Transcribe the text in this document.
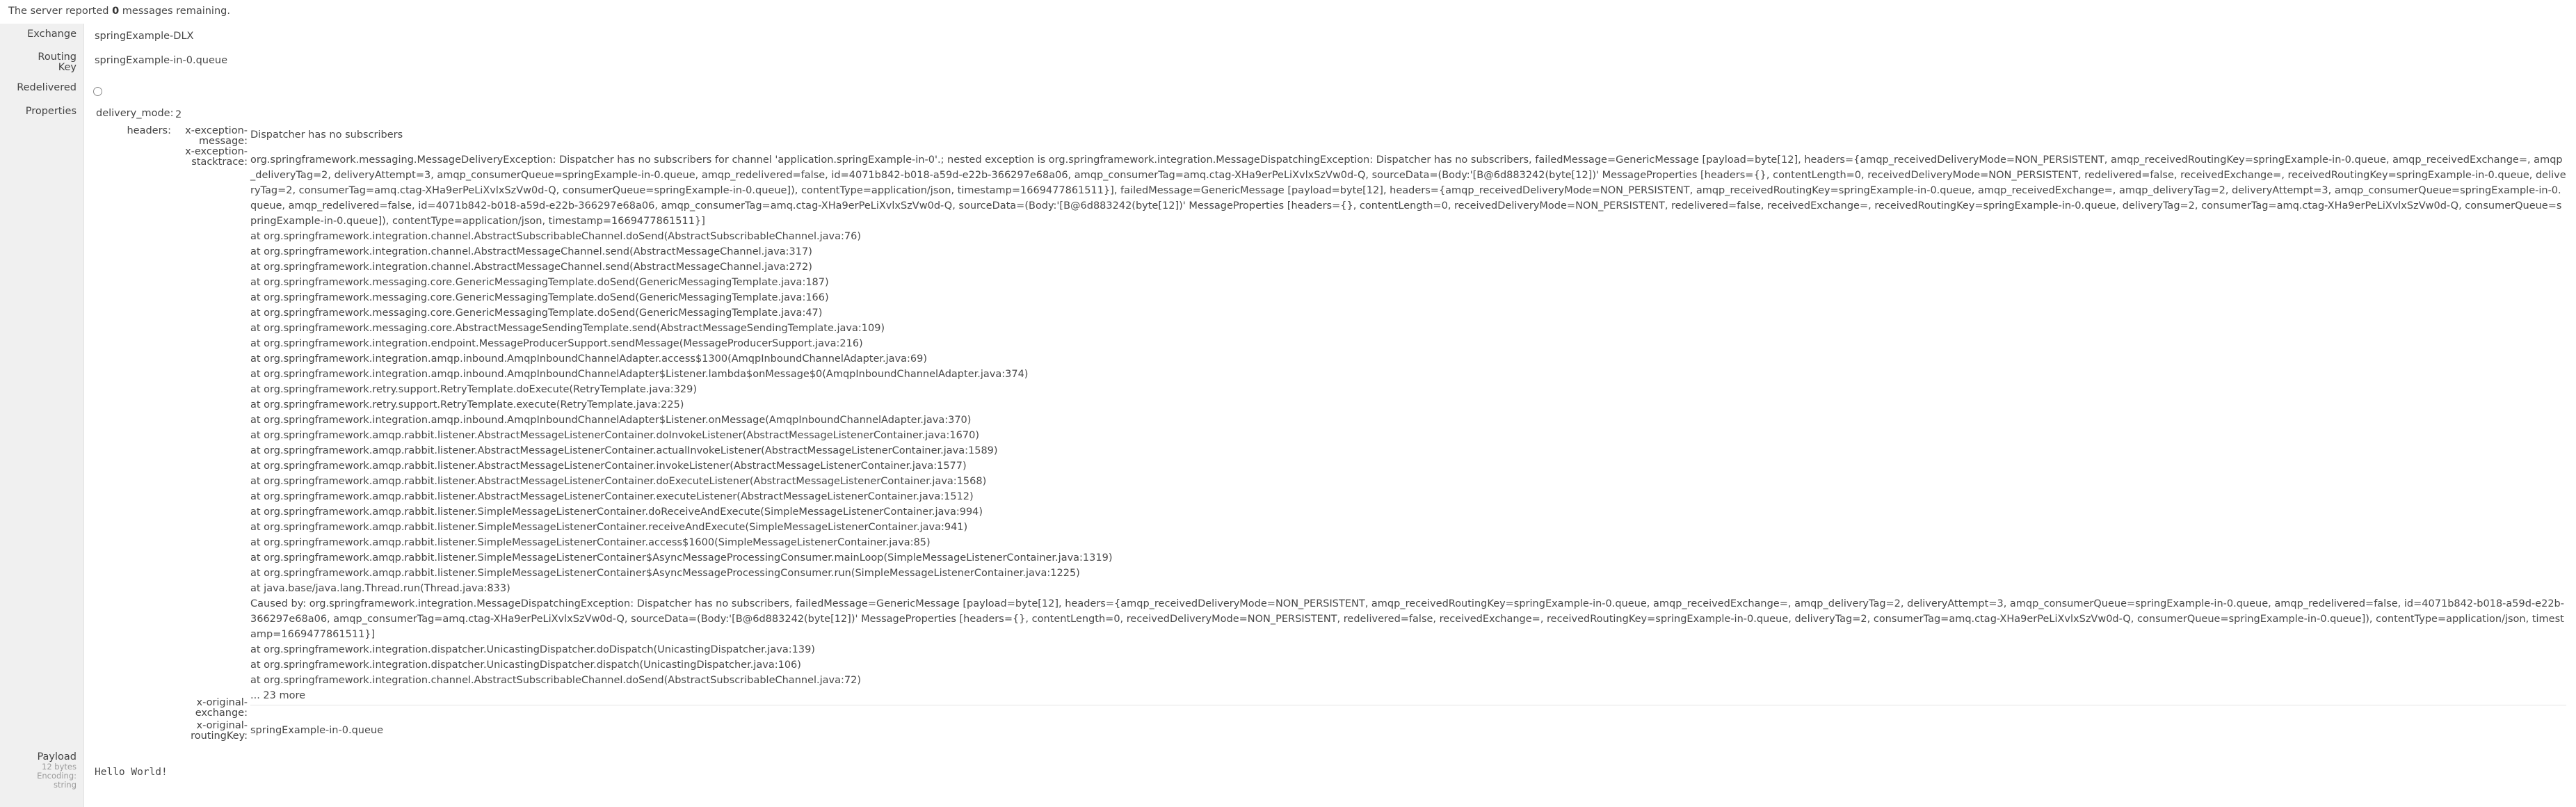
The server reported 0 messages remaining.
Exchange springExample-DLX
Routing
Key
springExample-in-0.queue
Redelivered
Properties delivery_mode: 2
headers: x-exception-
message:
Dispatcher has no subscribers
x-exception-
stacktrace: org.springframework.messaging.MessageDeliveryException: Dispatcher has no subscribers for channel 'application.springExample-in-0'.; nested exception is org.springframework.integration.MessageDispatchingException: Dispatcher has no subscribers, failedMessage=GenericMessage [payload=byte[12], headers={amqp_receivedDeliveryMode=NON_PERSISTENT, amqp_receivedRoutingKey=springExample-in-0.queue, amqp_receivedExchange=, amqp_deliveryTag=2, deliveryAttempt=3, amqp_consumerQueue=springExample-in-0.queue, amqp_redelivered=false, id=4071b842-b018-a59d-e22b-366297e68a06, amqp_consumerTag=amq.ctag-XHa9erPeLiXvlxSzVw0d-Q, sourceData=(Body:'[B@6d883242(byte[12])' MessageProperties [headers={}, contentLength=0, receivedDeliveryMode=NON_PERSISTENT, redelivered=false, receivedExchange=, receivedRoutingKey=springExample-in-0.queue, deliveryTag=2, consumerTag=amq.ctag-XHa9erPeLiXvlxSzVw0d-Q, consumerQueue=springExample-in-0.queue]), contentType=application/json, timestamp=1669477861511}], failedMessage=GenericMessage [payload=byte[12], headers={amqp_receivedDeliveryMode=NON_PERSISTENT, amqp_receivedRoutingKey=springExample-in-0.queue, amqp_receivedExchange=, amqp_deliveryTag=2, deliveryAttempt=3, amqp_consumerQueue=springExample-in-0.queue, amqp_redelivered=false, id=4071b842-b018-a59d-e22b-366297e68a06, amqp_consumerTag=amq.ctag-XHa9erPeLiXvlxSzVw0d-Q, sourceData=(Body:'[B@6d883242(byte[12])' MessageProperties [headers={}, contentLength=0, receivedDeliveryMode=NON_PERSISTENT, redelivered=false, receivedExchange=, receivedRoutingKey=springExample-in-0.queue, deliveryTag=2, consumerTag=amq.ctag-XHa9erPeLiXvlxSzVw0d-Q, consumerQueue=springExample-in-0.queue]), contentType=application/json, timestamp=1669477861511}]
at org.springframework.integration.channel.AbstractSubscribableChannel.doSend(AbstractSubscribableChannel.java:76)
at org.springframework.integration.channel.AbstractMessageChannel.send(AbstractMessageChannel.java:317)
at org.springframework.integration.channel.AbstractMessageChannel.send(AbstractMessageChannel.java:272)
at org.springframework.messaging.core.GenericMessagingTemplate.doSend(GenericMessagingTemplate.java:187)
at org.springframework.messaging.core.GenericMessagingTemplate.doSend(GenericMessagingTemplate.java:166)
at org.springframework.messaging.core.GenericMessagingTemplate.doSend(GenericMessagingTemplate.java:47)
at org.springframework.messaging.core.AbstractMessageSendingTemplate.send(AbstractMessageSendingTemplate.java:109)
at org.springframework.integration.endpoint.MessageProducerSupport.sendMessage(MessageProducerSupport.java:216)
at org.springframework.integration.amqp.inbound.AmqpInboundChannelAdapter.access$1300(AmqpInboundChannelAdapter.java:69)
at org.springframework.integration.amqp.inbound.AmqpInboundChannelAdapter$Listener.lambda$onMessage$0(AmqpInboundChannelAdapter.java:374)
at org.springframework.retry.support.RetryTemplate.doExecute(RetryTemplate.java:329)
at org.springframework.retry.support.RetryTemplate.execute(RetryTemplate.java:225)
at org.springframework.integration.amqp.inbound.AmqpInboundChannelAdapter$Listener.onMessage(AmqpInboundChannelAdapter.java:370)
at org.springframework.amqp.rabbit.listener.AbstractMessageListenerContainer.doInvokeListener(AbstractMessageListenerContainer.java:1670)
at org.springframework.amqp.rabbit.listener.AbstractMessageListenerContainer.actualInvokeListener(AbstractMessageListenerContainer.java:1589)
at org.springframework.amqp.rabbit.listener.AbstractMessageListenerContainer.invokeListener(AbstractMessageListenerContainer.java:1577)
at org.springframework.amqp.rabbit.listener.AbstractMessageListenerContainer.doExecuteListener(AbstractMessageListenerContainer.java:1568)
at org.springframework.amqp.rabbit.listener.AbstractMessageListenerContainer.executeListener(AbstractMessageListenerContainer.java:1512)
at org.springframework.amqp.rabbit.listener.SimpleMessageListenerContainer.doReceiveAndExecute(SimpleMessageListenerContainer.java:994)
at org.springframework.amqp.rabbit.listener.SimpleMessageListenerContainer.receiveAndExecute(SimpleMessageListenerContainer.java:941)
at org.springframework.amqp.rabbit.listener.SimpleMessageListenerContainer.access$1600(SimpleMessageListenerContainer.java:85)
at org.springframework.amqp.rabbit.listener.SimpleMessageListenerContainer$AsyncMessageProcessingConsumer.mainLoop(SimpleMessageListenerContainer.java:1319)
at org.springframework.amqp.rabbit.listener.SimpleMessageListenerContainer$AsyncMessageProcessingConsumer.run(SimpleMessageListenerContainer.java:1225)
at java.base/java.lang.Thread.run(Thread.java:833)
Caused by: org.springframework.integration.MessageDispatchingException: Dispatcher has no subscribers, failedMessage=GenericMessage [payload=byte[12], headers={amqp_receivedDeliveryMode=NON_PERSISTENT, amqp_receivedRoutingKey=springExample-in-0.queue, amqp_receivedExchange=, amqp_deliveryTag=2, deliveryAttempt=3, amqp_consumerQueue=springExample-in-0.queue, amqp_redelivered=false, id=4071b842-b018-a59d-e22b-366297e68a06, amqp_consumerTag=amq.ctag-XHa9erPeLiXvlxSzVw0d-Q, sourceData=(Body:'[B@6d883242(byte[12])' MessageProperties [headers={}, contentLength=0, receivedDeliveryMode=NON_PERSISTENT, redelivered=false, receivedExchange=, receivedRoutingKey=springExample-in-0.queue, deliveryTag=2, consumerTag=amq.ctag-XHa9erPeLiXvlxSzVw0d-Q, consumerQueue=springExample-in-0.queue]), contentType=application/json, timestamp=1669477861511}]
at org.springframework.integration.dispatcher.UnicastingDispatcher.doDispatch(UnicastingDispatcher.java:139)
at org.springframework.integration.dispatcher.UnicastingDispatcher.dispatch(UnicastingDispatcher.java:106)
at org.springframework.integration.channel.AbstractSubscribableChannel.doSend(AbstractSubscribableChannel.java:72)
... 23 more
x-original-
exchange:
x-original-
routingKey: springExample-in-0.queue
Payload
12 bytes
Encoding:
string
Hello World!
